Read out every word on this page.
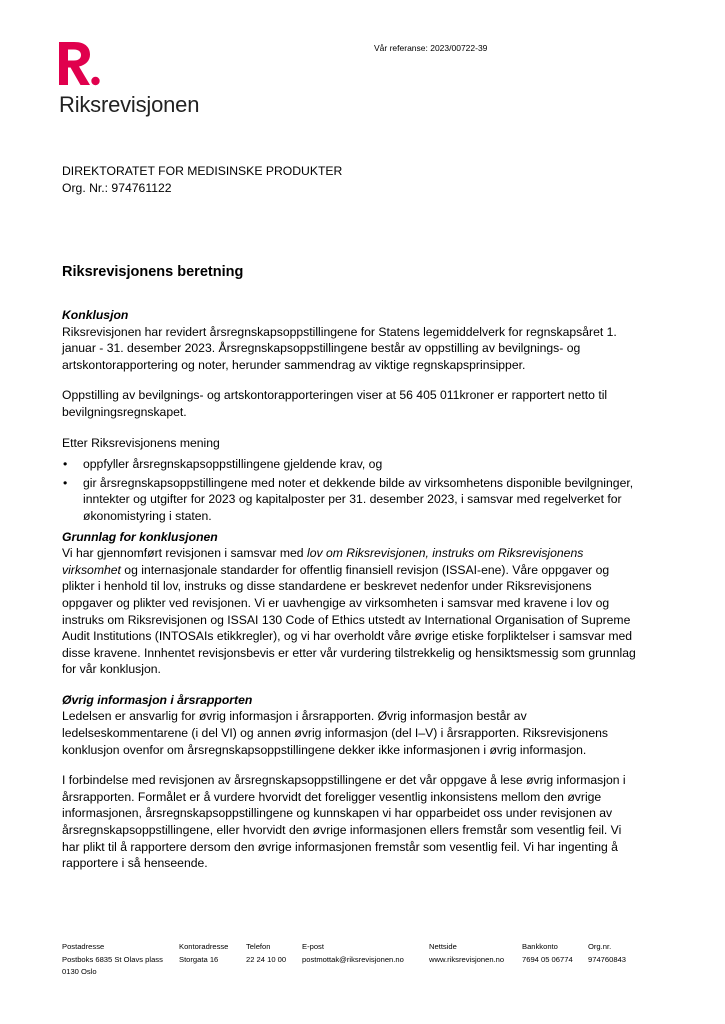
Riksrevisjonen
Vår referanse: 2023/00722-39
DIREKTORATET FOR MEDISINSKE PRODUKTER
Org. Nr.: 974761122
Riksrevisjonens beretning

Konklusjon

Riksrevisjonen har revidert årsregnskapsoppstillingene for Statens legemiddelverk for regnskapsåret 1. januar - 31. desember 2023. Årsregnskapsoppstillingene består av oppstilling av bevilgnings- og artskontorapportering og noter, herunder sammendrag av viktige regnskapsprinsipper.

Oppstilling av bevilgnings- og artskontorapporteringen viser at 56 405 011kroner er rapportert netto til bevilgningsregnskapet.

Etter Riksrevisjonens mening

• oppfyller årsregnskapsoppstillingene gjeldende krav, og
• gir årsregnskapsoppstillingene med noter et dekkende bilde av virksomhetens disponible bevilgninger, inntekter og utgifter for 2023 og kapitalposter per 31. desember 2023, i samsvar med regelverket for økonomistyring i staten.

Grunnlag for konklusjonen

Vi har gjennomført revisjonen i samsvar med lov om Riksrevisjonen, instruks om Riksrevisjonens virksomhet og internasjonale standarder for offentlig finansiell revisjon (ISSAI-ene). Våre oppgaver og plikter i henhold til lov, instruks og disse standardene er beskrevet nedenfor under Riksrevisjonens oppgaver og plikter ved revisjonen. Vi er uavhengige av virksomheten i samsvar med kravene i lov og instruks om Riksrevisjonen og ISSAI 130 Code of Ethics utstedt av International Organisation of Supreme Audit Institutions (INTOSAIs etikkregler), og vi har overholdt våre øvrige etiske forpliktelser i samsvar med disse kravene. Innhentet revisjonsbevis er etter vår vurdering tilstrekkelig og hensiktsmessig som grunnlag for vår konklusjon.

Øvrig informasjon i årsrapporten

Ledelsen er ansvarlig for øvrig informasjon i årsrapporten. Øvrig informasjon består av ledelseskommentarene (i del VI) og annen øvrig informasjon (del I–V) i årsrapporten. Riksrevisjonens konklusjon ovenfor om årsregnskapsoppstillingene dekker ikke informasjonen i øvrig informasjon.

I forbindelse med revisjonen av årsregnskapsoppstillingene er det vår oppgave å lese øvrig informasjon i årsrapporten. Formålet er å vurdere hvorvidt det foreligger vesentlig inkonsistens mellom den øvrige informasjonen, årsregnskapsoppstillingene og kunnskapen vi har opparbeidet oss under revisjonen av årsregnskapsoppstillingene, eller hvorvidt den øvrige informasjonen ellers fremstår som vesentlig feil. Vi har plikt til å rapportere dersom den øvrige informasjonen fremstår som vesentlig feil. Vi har ingenting å rapportere i så henseende.

Postadresse
Postboks 6835 St Olavs plass
0130 Oslo
Kontoradresse
Storgata 16
Telefon
22 24 10 00
E-post
postmottak@riksrevisjonen.no
Nettside
www.riksrevisjonen.no
Bankkonto
7694 05 06774
Org.nr.
974760843
